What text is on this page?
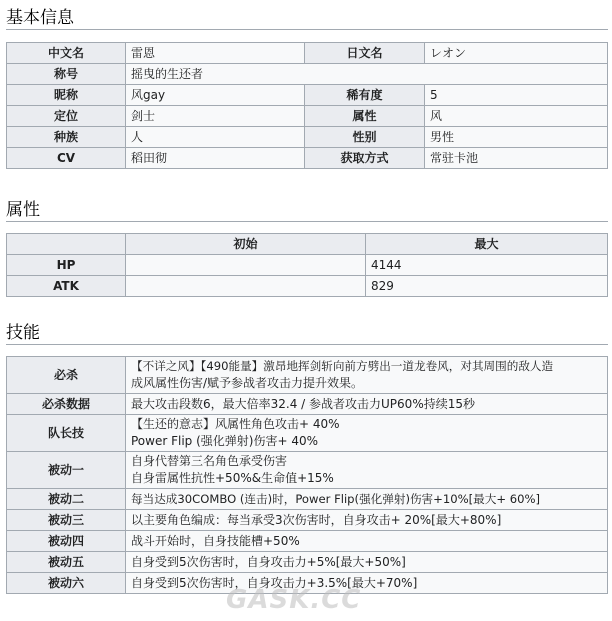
基本信息
中文名	雷恩	日文名	レオン
称号	摇曳的生还者		
昵称	风gay	稀有度	5
定位	剑士	属性	风
种族	人	性别	男性
CV	稻田彻	获取方式	常驻卡池
属性
	初始	最大
HP		4144
ATK		829
技能
必杀	【不详之风】【490能量】激昂地挥剑斩向前方劈出一道龙卷风，对其周围的敌人造
成风属性伤害/赋予参战者攻击力提升效果。

必杀数据	最大攻击段数6，最大倍率32.4 / 参战者攻击力UP60%持续15秒

队长技	【生还的意志】风属性角色攻击+ 40%
Power Flip (强化弹射)伤害+ 40%

被动一	自身代替第三名角色承受伤害
自身雷属性抗性+50%&生命值+15%

被动二	每当达成30COMBO (连击)时，Power Flip(强化弹射)伤害+10%[最大+ 60%]

被动三	以主要角色编成：每当承受3次伤害时，自身攻击+ 20%[最大+80%]

被动四	战斗开始时，自身技能槽+50%

被动五	自身受到5次伤害时，自身攻击力+5%[最大+50%]

被动六	自身受到5次伤害时，自身攻击力+3.5%[最大+70%]
GASK.CC
